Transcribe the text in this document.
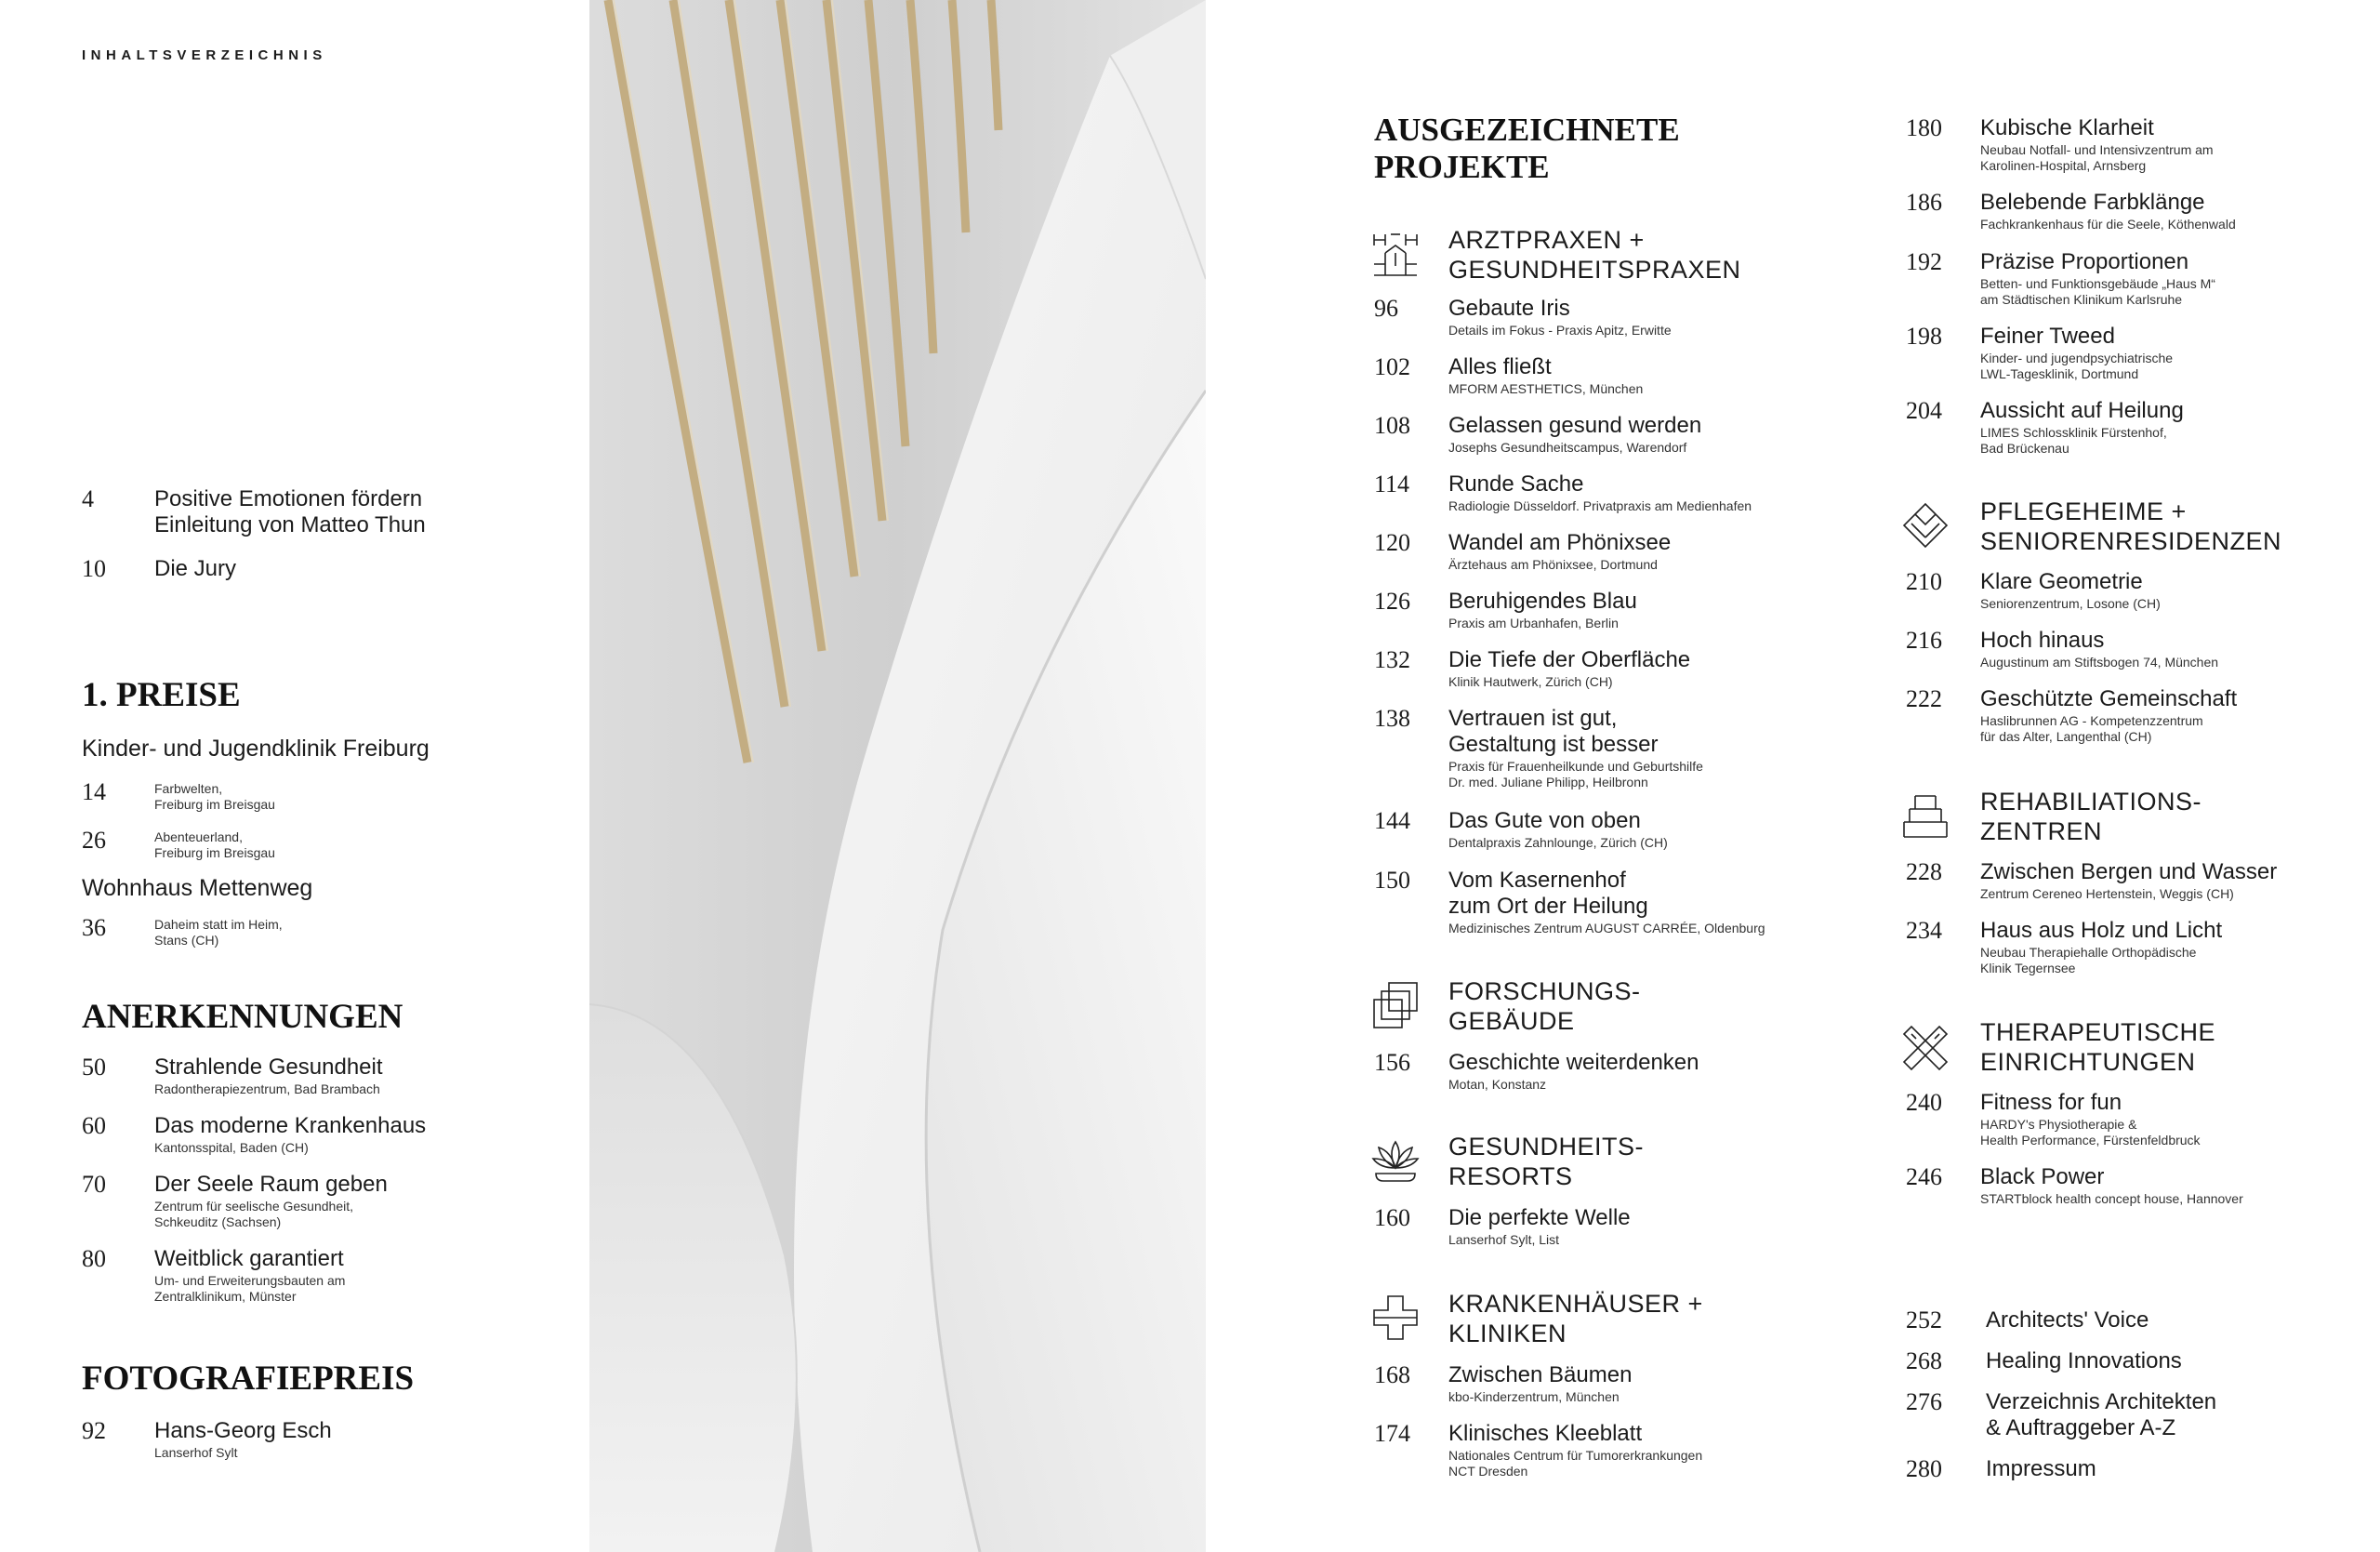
INHALTSVERZEICHNIS
4	Positive Emotionen fördern
Einleitung von Matteo Thun
10 Die Jury
1. PREISE
Kinder- und Jugendklinik Freiburg
14	Farbwelten,
Freiburg im Breisgau
26	Abenteuerland,
Freiburg im Breisgau
Wohnhaus Mettenweg
36	Daheim statt im Heim,
Stans (CH)
ANERKENNUNGEN
50 Strahlende Gesundheit
Radontherapiezentrum, Bad Brambach
60 Das moderne Krankenhaus
Kantonsspital, Baden (CH)
70 Der Seele Raum geben
Zentrum für seelische Gesundheit,
Schkeuditz (Sachsen)
80 Weitblick garantiert
Um- und Erweiterungsbauten am
Zentralklinikum, Münster
FOTOGRAFIEPREIS
92 Hans-Georg Esch
Lanserhof Sylt
AUSGEZEICHNETE
PROJEKTE
ARZTPRAXEN +
GESUNDHEITSPRAXEN
96 Gebaute Iris
Details im Fokus - Praxis Apitz, Erwitte
102 Alles fließt
MFORM AESTHETICS, München
108 Gelassen gesund werden
Josephs Gesundheitscampus, Warendorf
114 Runde Sache
Radiologie Düsseldorf. Privatpraxis am Medienhafen
120 Wandel am Phönixsee
Ärztehaus am Phönixsee, Dortmund
126 Beruhigendes Blau
Praxis am Urbanhafen, Berlin
132 Die Tiefe der Oberfläche
Klinik Hautwerk, Zürich (CH)
138 Vertrauen ist gut,
Gestaltung ist besser
Praxis für Frauenheilkunde und Geburtshilfe
Dr. med. Juliane Philipp, Heilbronn
144 Das Gute von oben
Dentalpraxis Zahnlounge, Zürich (CH)
150 Vom Kasernenhof
zum Ort der Heilung
Medizinisches Zentrum AUGUST CARRÉE, Oldenburg
FORSCHUNGS-
GEBÄUDE
156 Geschichte weiterdenken
Motan, Konstanz
GESUNDHEITS-
RESORTS
160 Die perfekte Welle
Lanserhof Sylt, List
KRANKENHÄUSER +
KLINIKEN
168 Zwischen Bäumen
kbo-Kinderzentrum, München
174 Klinisches Kleeblatt
Nationales Centrum für Tumorerkrankungen
NCT Dresden
180 Kubische Klarheit
Neubau Notfall- und Intensivzentrum am
Karolinen-Hospital, Arnsberg
186 Belebende Farbklänge
Fachkrankenhaus für die Seele, Köthenwald
192 Präzise Proportionen
Betten- und Funktionsgebäude „Haus M“
am Städtischen Klinikum Karlsruhe
198 Feiner Tweed
Kinder- und jugendpsychiatrische
LWL-Tagesklinik, Dortmund
204 Aussicht auf Heilung
LIMES Schlossklinik Fürstenhof,
Bad Brückenau
PFLEGEHEIME +
SENIORENRESIDENZEN
210 Klare Geometrie
Seniorenzentrum, Losone (CH)
216 Hoch hinaus
Augustinum am Stiftsbogen 74, München
222 Geschützte Gemeinschaft
Haslibrunnen AG - Kompetenzzentrum
für das Alter, Langenthal (CH)
REHABILIATIONS-
ZENTREN
228 Zwischen Bergen und Wasser
Zentrum Cereneo Hertenstein, Weggis (CH)
234 Haus aus Holz und Licht
Neubau Therapiehalle Orthopädische
Klinik Tegernsee
THERAPEUTISCHE
EINRICHTUNGEN
240 Fitness for fun
HARDY's Physiotherapie &
Health Performance, Fürstenfeldbruck
246 Black Power
STARTblock health concept house, Hannover
252 Architects' Voice
268 Healing Innovations
276 Verzeichnis Architekten
& Auftraggeber A-Z
280 Impressum
